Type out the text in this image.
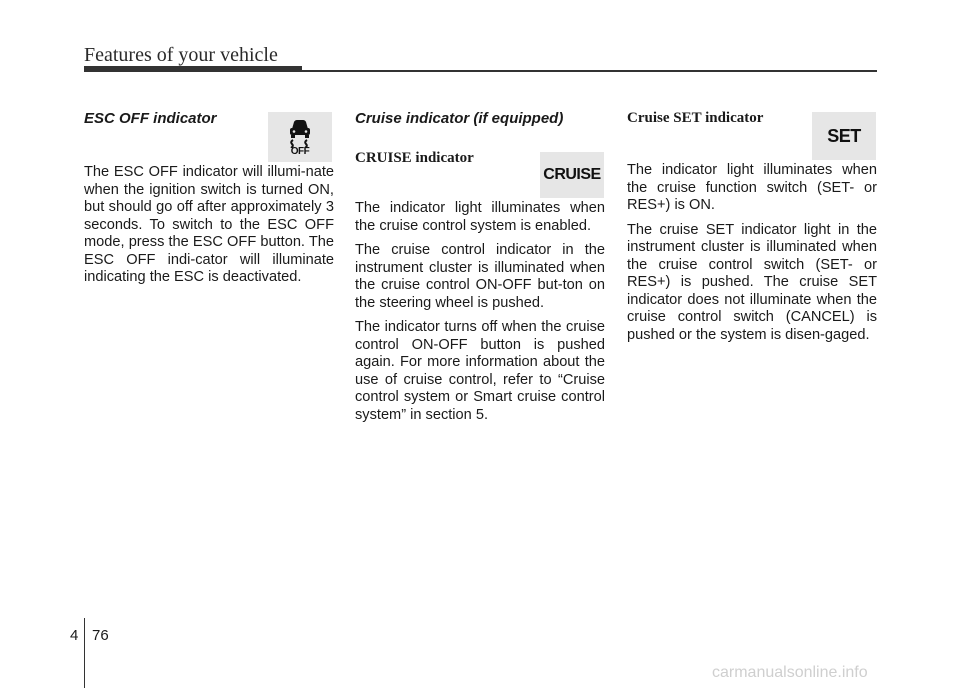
Features of your vehicle
ESC OFF indicator

The ESC OFF indicator will illumi-nate when the ignition switch is turned ON, but should go off after approximately 3 seconds. To switch to the ESC OFF mode, press the ESC OFF button. The ESC OFF indi-cator will illuminate indicating the ESC is deactivated.

OFF
Cruise indicator (if equipped)
CRUISE indicator

The indicator light illuminates when the cruise control system is enabled.

The cruise control indicator in the instrument cluster is illuminated when the cruise control ON-OFF but-ton on the steering wheel is pushed.

The indicator turns off when the cruise control ON-OFF button is pushed again. For more information about the use of cruise control, refer to “Cruise control system or Smart cruise control system” in section 5.

CRUISE
Cruise SET indicator

The indicator light illuminates when the cruise function switch (SET- or RES+) is ON.

The cruise SET indicator light in the instrument cluster is illuminated when the cruise control switch (SET- or RES+) is pushed. The cruise SET indicator does not illuminate when the cruise control switch (CANCEL) is pushed or the system is disen-gaged.

SET
4 76
carmanualsonline.info
